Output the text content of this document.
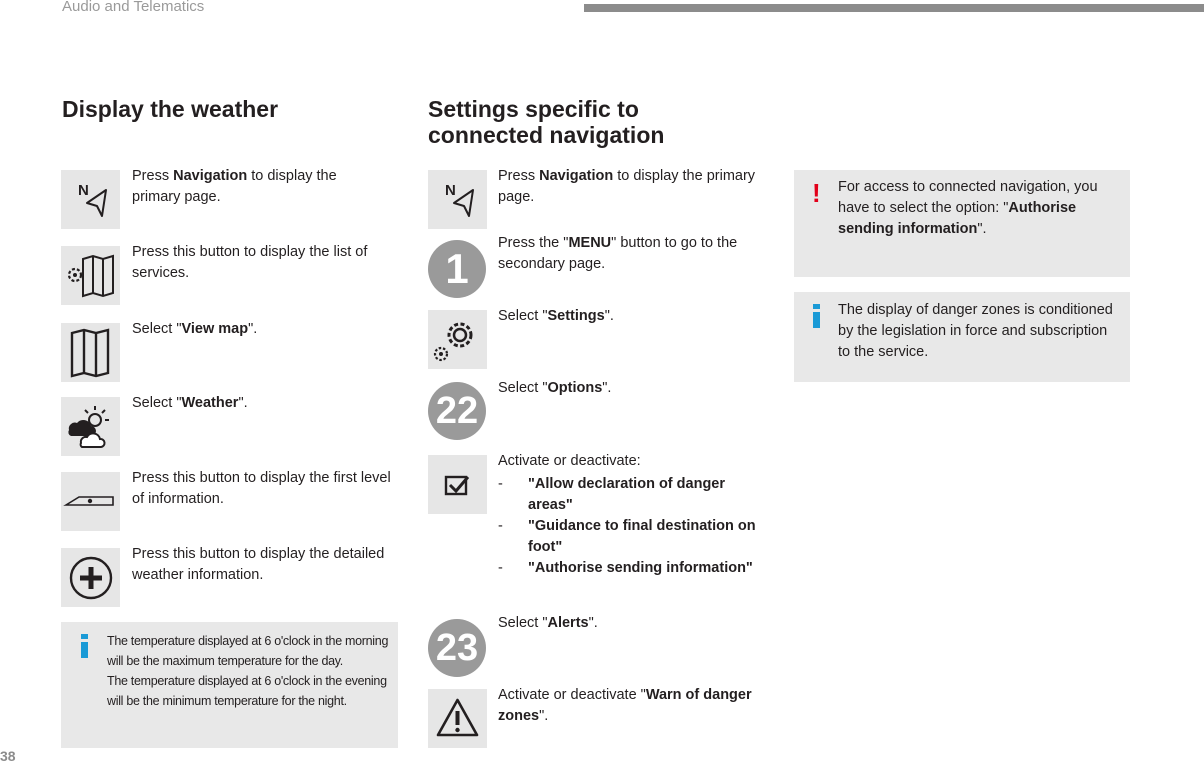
Audio and Telematics
38
Display the weather
N
Press Navigation to display the primary page.
Press this button to display the list of services.
Select "View map".
Select "Weather".
Press this button to display the first level of information.
Press this button to display the detailed weather information.
The temperature displayed at 6 o'clock in the morning will be the maximum temperature for the day.
The temperature displayed at 6 o'clock in the evening will be the minimum temperature for the night.
Settings specific to
connected navigation
N
Press Navigation to display the primary page.
1
Press the "MENU" button to go to the secondary page.
Select "Settings".
22
Select "Options".
Activate or deactivate:
-	"Allow declaration of danger areas"
-	"Guidance to final destination on foot"
-	"Authorise sending information"
23
Select "Alerts".
Activate or deactivate "Warn of danger zones".
! For access to connected navigation, you have to select the option: "Authorise sending information".
The display of danger zones is conditioned by the legislation in force and subscription to the service.
